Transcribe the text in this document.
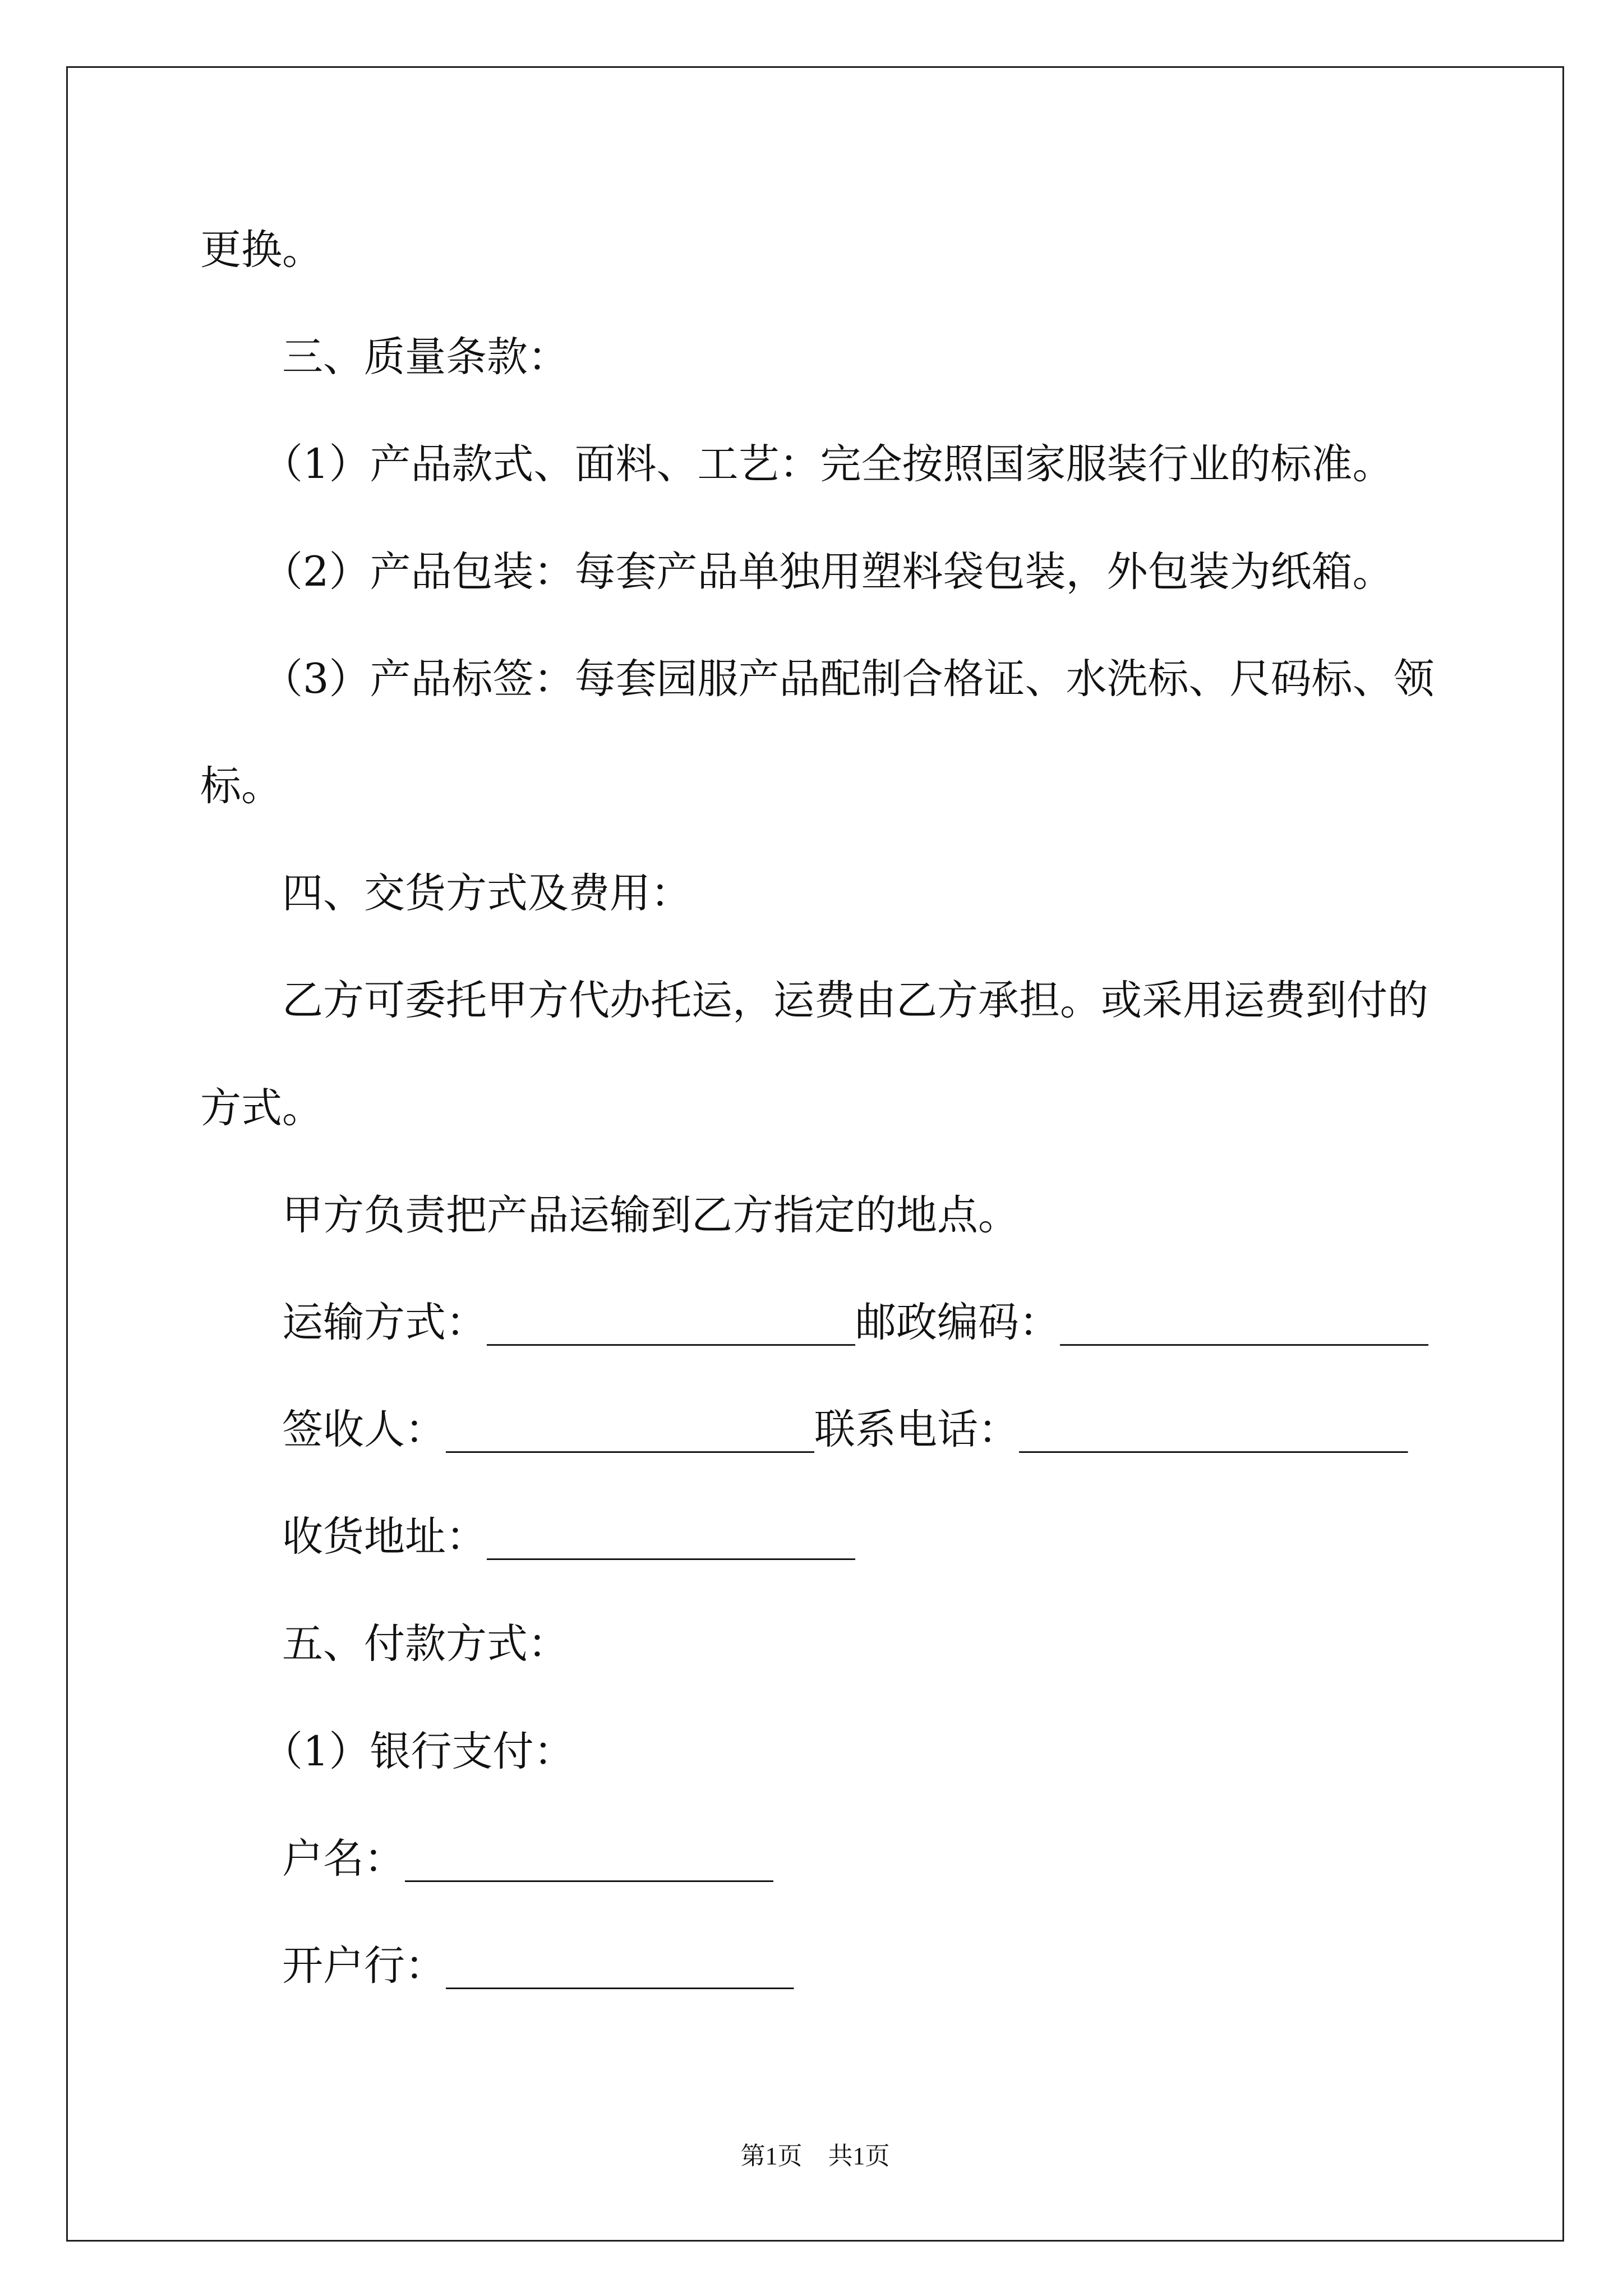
更换。
三、质量条款：
（1）产品款式、面料、工艺：完全按照国家服装行业的标准。
（2）产品包装：每套产品单独用塑料袋包装，外包装为纸箱。
（3）产品标签：每套园服产品配制合格证、水洗标、尺码标、领
标。
四、交货方式及费用：
乙方可委托甲方代办托运，运费由乙方承担。或采用运费到付的
方式。
甲方负责把产品运输到乙方指定的地点。
运输方式：__________________邮政编码：__________________
签收人：__________________联系电话：___________________
收货地址：__________________
五、付款方式：
（1）银行支付：
户名：__________________
开户行：_________________
第1页 共1页
